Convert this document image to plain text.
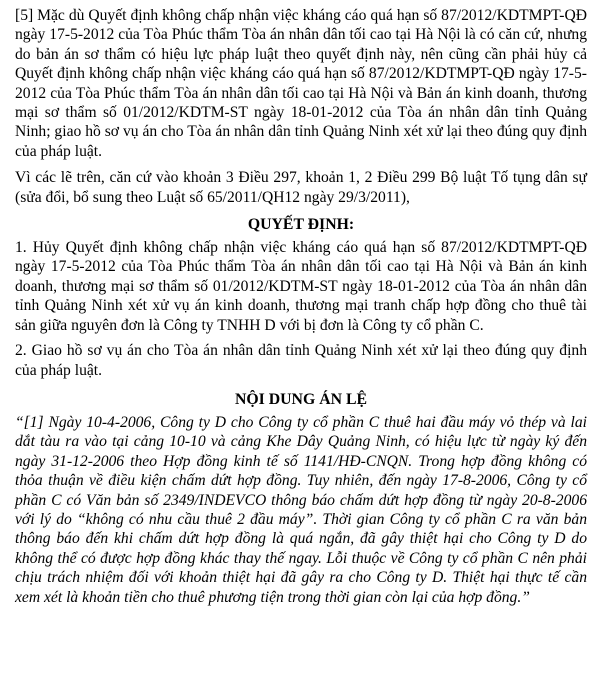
[5] Mặc dù Quyết định không chấp nhận việc kháng cáo quá hạn số 87/2012/KDTMPT-QĐ ngày 17-5-2012 của Tòa Phúc thẩm Tòa án nhân dân tối cao tại Hà Nội là có căn cứ, nhưng do bản án sơ thẩm có hiệu lực pháp luật theo quyết định này, nên cũng cần phải hủy cả Quyết định không chấp nhận việc kháng cáo quá hạn số 87/2012/KDTMPT-QĐ ngày 17-5-2012 của Tòa Phúc thẩm Tòa án nhân dân tối cao tại Hà Nội và Bản án kinh doanh, thương mại sơ thẩm số 01/2012/KDTM-ST ngày 18-01-2012 của Tòa án nhân dân tỉnh Quảng Ninh; giao hồ sơ vụ án cho Tòa án nhân dân tỉnh Quảng Ninh xét xử lại theo đúng quy định của pháp luật.

Vì các lẽ trên, căn cứ vào khoản 3 Điều 297, khoản 1, 2 Điều 299 Bộ luật Tố tụng dân sự (sửa đổi, bổ sung theo Luật số 65/2011/QH12 ngày 29/3/2011),

QUYẾT ĐỊNH:

1. Hủy Quyết định không chấp nhận việc kháng cáo quá hạn số 87/2012/KDTMPT-QĐ ngày 17-5-2012 của Tòa Phúc thẩm Tòa án nhân dân tối cao tại Hà Nội và Bản án kinh doanh, thương mại sơ thẩm số 01/2012/KDTM-ST ngày 18-01-2012 của Tòa án nhân dân tỉnh Quảng Ninh xét xử vụ án kinh doanh, thương mại tranh chấp hợp đồng cho thuê tài sản giữa nguyên đơn là Công ty TNHH D với bị đơn là Công ty cổ phần C.

2. Giao hồ sơ vụ án cho Tòa án nhân dân tỉnh Quảng Ninh xét xử lại theo đúng quy định của pháp luật.

NỘI DUNG ÁN LỆ

“[1] Ngày 10-4-2006, Công ty D cho Công ty cổ phần C thuê hai đầu máy vỏ thép và lai dắt tàu ra vào tại cảng 10-10 và cảng Khe Dây Quảng Ninh, có hiệu lực từ ngày ký đến ngày 31-12-2006 theo Hợp đồng kinh tế số 1141/HĐ-CNQN. Trong hợp đồng không có thỏa thuận về điều kiện chấm dứt hợp đồng. Tuy nhiên, đến ngày 17-8-2006, Công ty cổ phần C có Văn bản số 2349/INDEVCO thông báo chấm dứt hợp đồng từ ngày 20-8-2006 với lý do “không có nhu cầu thuê 2 đầu máy”. Thời gian Công ty cổ phần C ra văn bản thông báo đến khi chấm dứt hợp đồng là quá ngắn, đã gây thiệt hại cho Công ty D do không thể có được hợp đồng khác thay thế ngay. Lỗi thuộc về Công ty cổ phần C nên phải chịu trách nhiệm đối với khoản thiệt hại đã gây ra cho Công ty D. Thiệt hại thực tế cần xem xét là khoản tiền cho thuê phương tiện trong thời gian còn lại của hợp đồng.”
